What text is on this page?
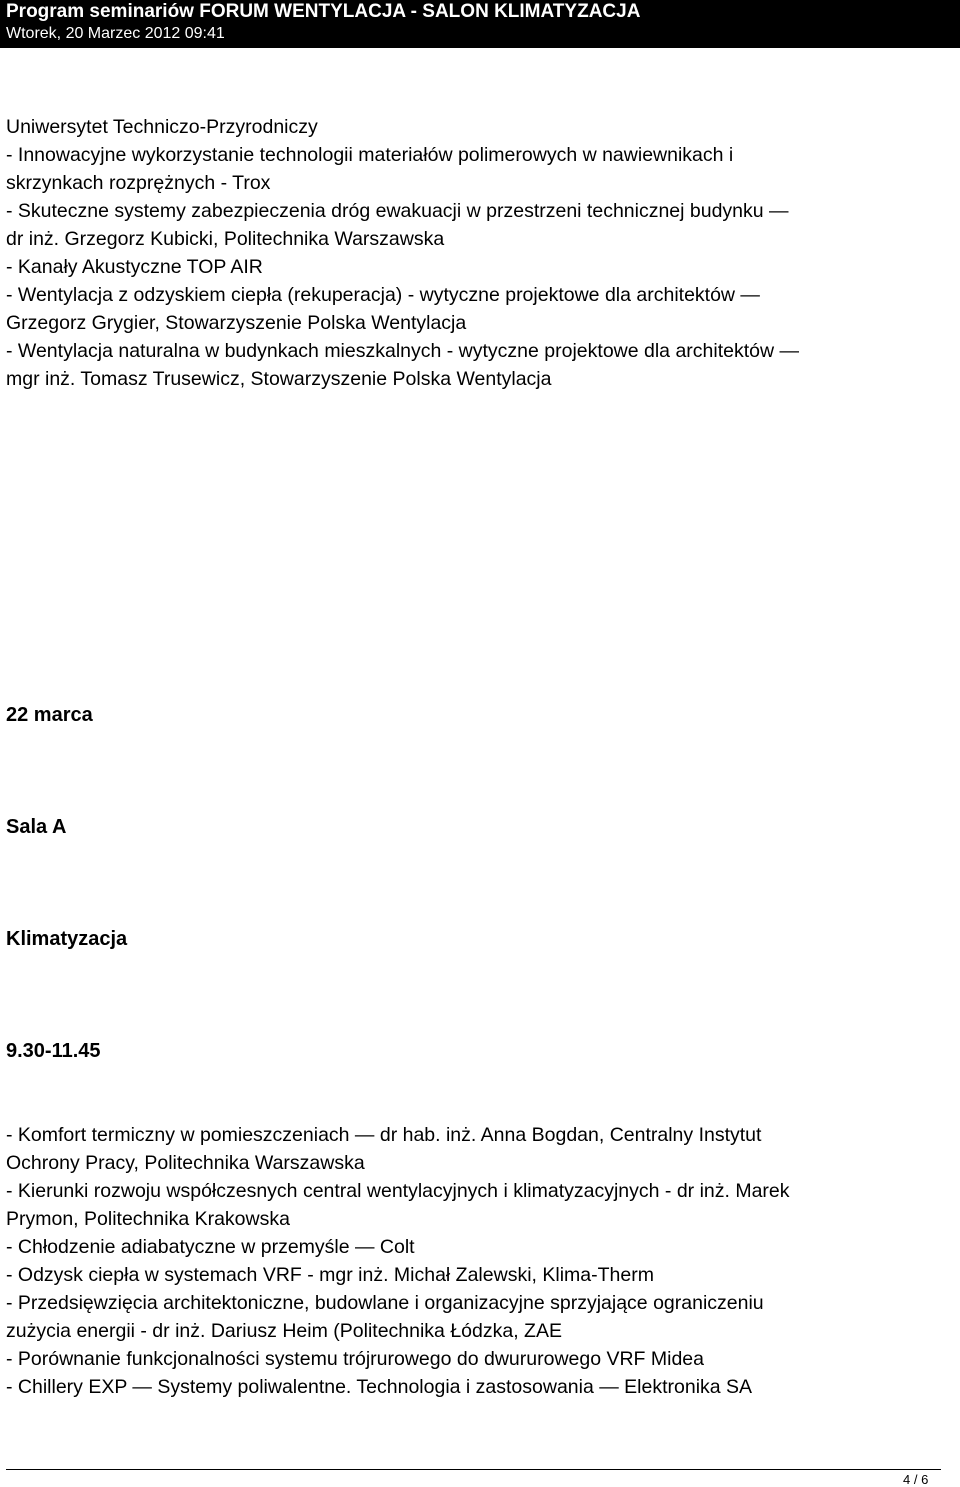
Program seminariów FORUM WENTYLACJA - SALON KLIMATYZACJA
Wtorek, 20 Marzec 2012 09:41
Uniwersytet Techniczo-Przyrodniczy
- Innowacyjne wykorzystanie technologii materiałów polimerowych w nawiewnikach i
skrzynkach rozprężnych - Trox
- Skuteczne systemy zabezpieczenia dróg ewakuacji w przestrzeni technicznej budynku —
dr inż. Grzegorz Kubicki, Politechnika Warszawska
- Kanały Akustyczne TOP AIR
- Wentylacja z odzyskiem ciepła (rekuperacja) - wytyczne projektowe dla architektów —
Grzegorz Grygier, Stowarzyszenie Polska Wentylacja
- Wentylacja naturalna w budynkach mieszkalnych - wytyczne projektowe dla architektów —
mgr inż. Tomasz Trusewicz, Stowarzyszenie Polska Wentylacja
22 marca
Sala A
Klimatyzacja
9.30-11.45
- Komfort termiczny w pomieszczeniach — dr hab. inż. Anna Bogdan, Centralny Instytut
Ochrony Pracy, Politechnika Warszawska
- Kierunki rozwoju współczesnych central wentylacyjnych i klimatyzacyjnych - dr inż. Marek
Prymon, Politechnika Krakowska
- Chłodzenie adiabatyczne w przemyśle — Colt
- Odzysk ciepła w systemach VRF - mgr inż. Michał Zalewski, Klima-Therm
- Przedsięwzięcia architektoniczne, budowlane i organizacyjne sprzyjające ograniczeniu
zużycia energii - dr inż. Dariusz Heim (Politechnika Łódzka, ZAE
- Porównanie funkcjonalności systemu trójrurowego do dwururowego VRF Midea
- Chillery EXP — Systemy poliwalentne. Technologia i zastosowania — Elektronika SA
4 / 6
